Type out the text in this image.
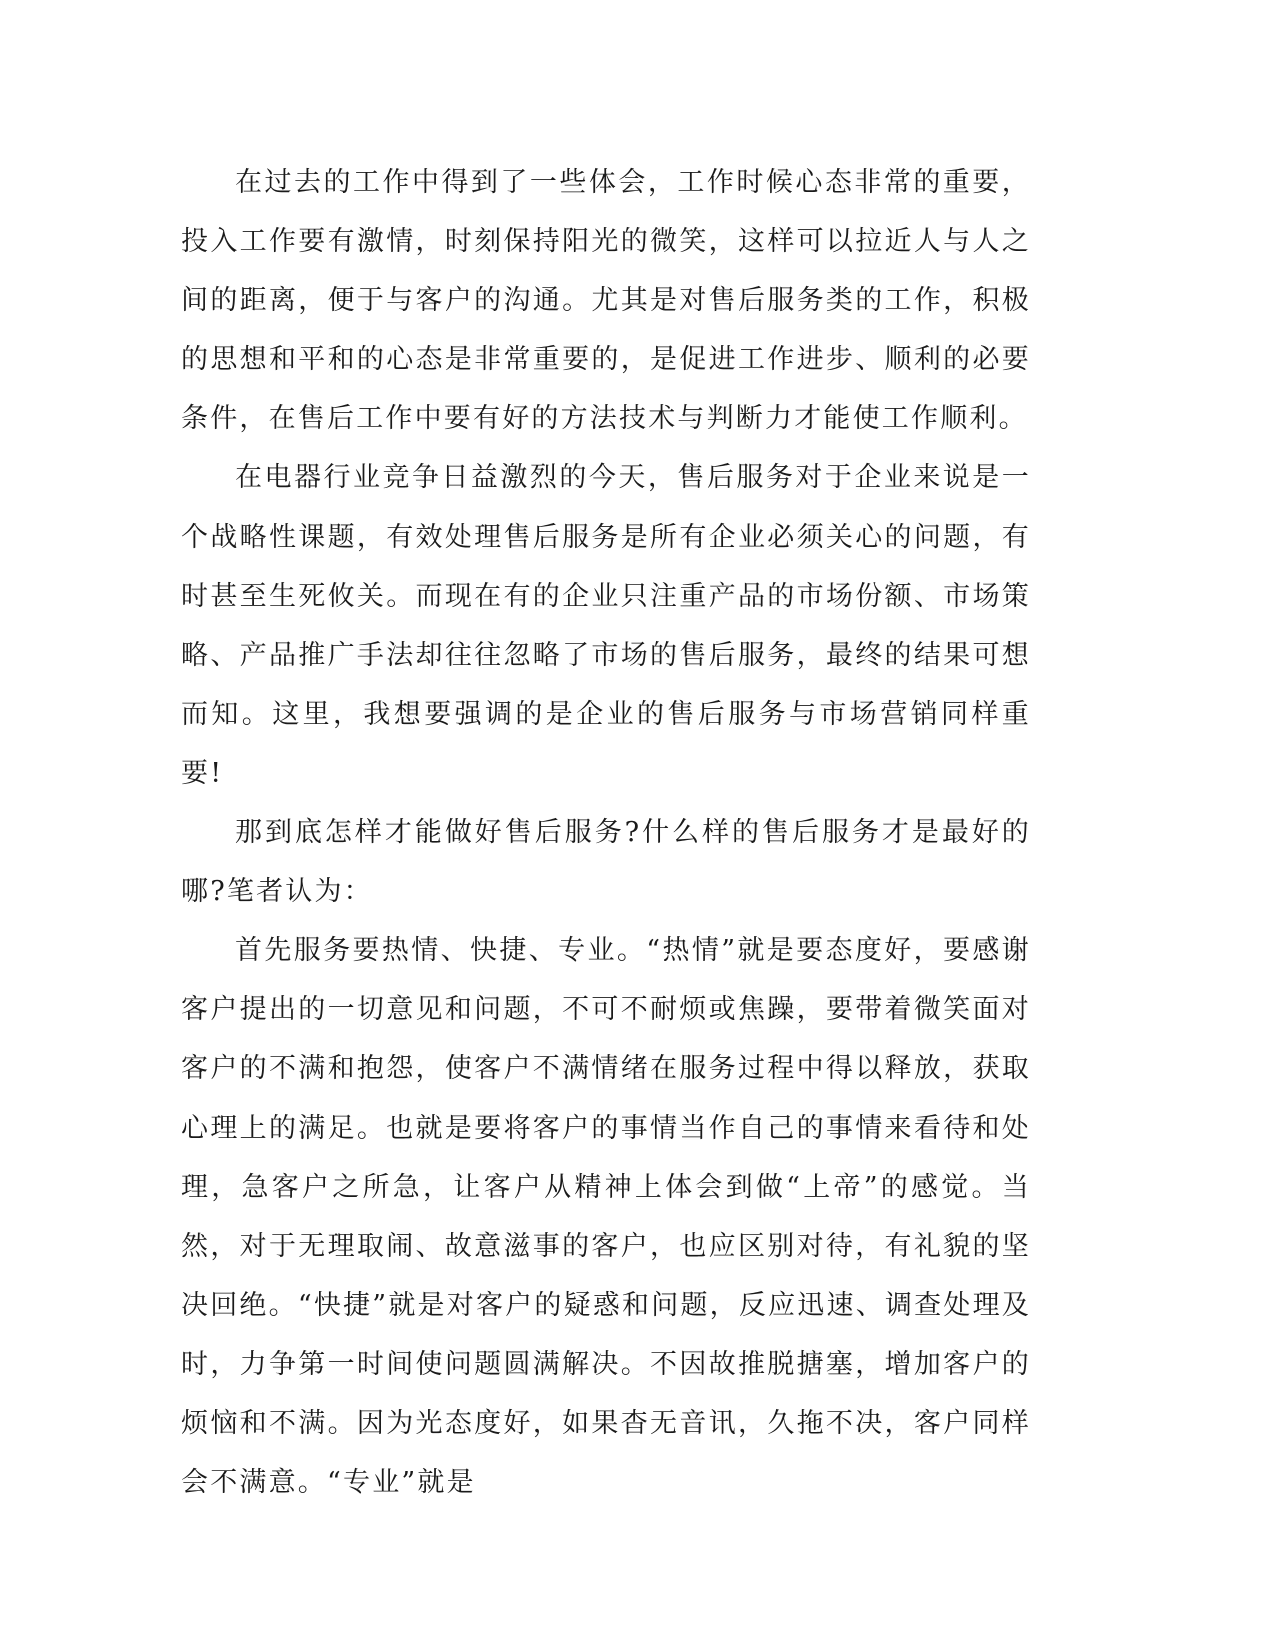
在过去的工作中得到了一些体会，工作时候心态非常的重要，投入工作要有激情，时刻保持阳光的微笑，这样可以拉近人与人之间的距离，便于与客户的沟通。尤其是对售后服务类的工作，积极的思想和平和的心态是非常重要的，是促进工作进步、顺利的必要条件，在售后工作中要有好的方法技术与判断力才能使工作顺利。

在电器行业竞争日益激烈的今天，售后服务对于企业来说是一个战略性课题，有效处理售后服务是所有企业必须关心的问题，有时甚至生死攸关。而现在有的企业只注重产品的市场份额、市场策略、产品推广手法却往往忽略了市场的售后服务，最终的结果可想而知。这里，我想要强调的是企业的售后服务与市场营销同样重要!

那到底怎样才能做好售后服务?什么样的售后服务才是最好的哪?笔者认为：

首先服务要热情、快捷、专业。“热情”就是要态度好，要感谢客户提出的一切意见和问题，不可不耐烦或焦躁，要带着微笑面对客户的不满和抱怨，使客户不满情绪在服务过程中得以释放，获取心理上的满足。也就是要将客户的事情当作自己的事情来看待和处理，急客户之所急，让客户从精神上体会到做“上帝”的感觉。当然，对于无理取闹、故意滋事的客户，也应区别对待，有礼貌的坚决回绝。“快捷”就是对客户的疑惑和问题，反应迅速、调查处理及时，力争第一时间使问题圆满解决。不因故推脱搪塞，增加客户的烦恼和不满。因为光态度好，如果杳无音讯，久拖不决，客户同样会不满意。“专业”就是
